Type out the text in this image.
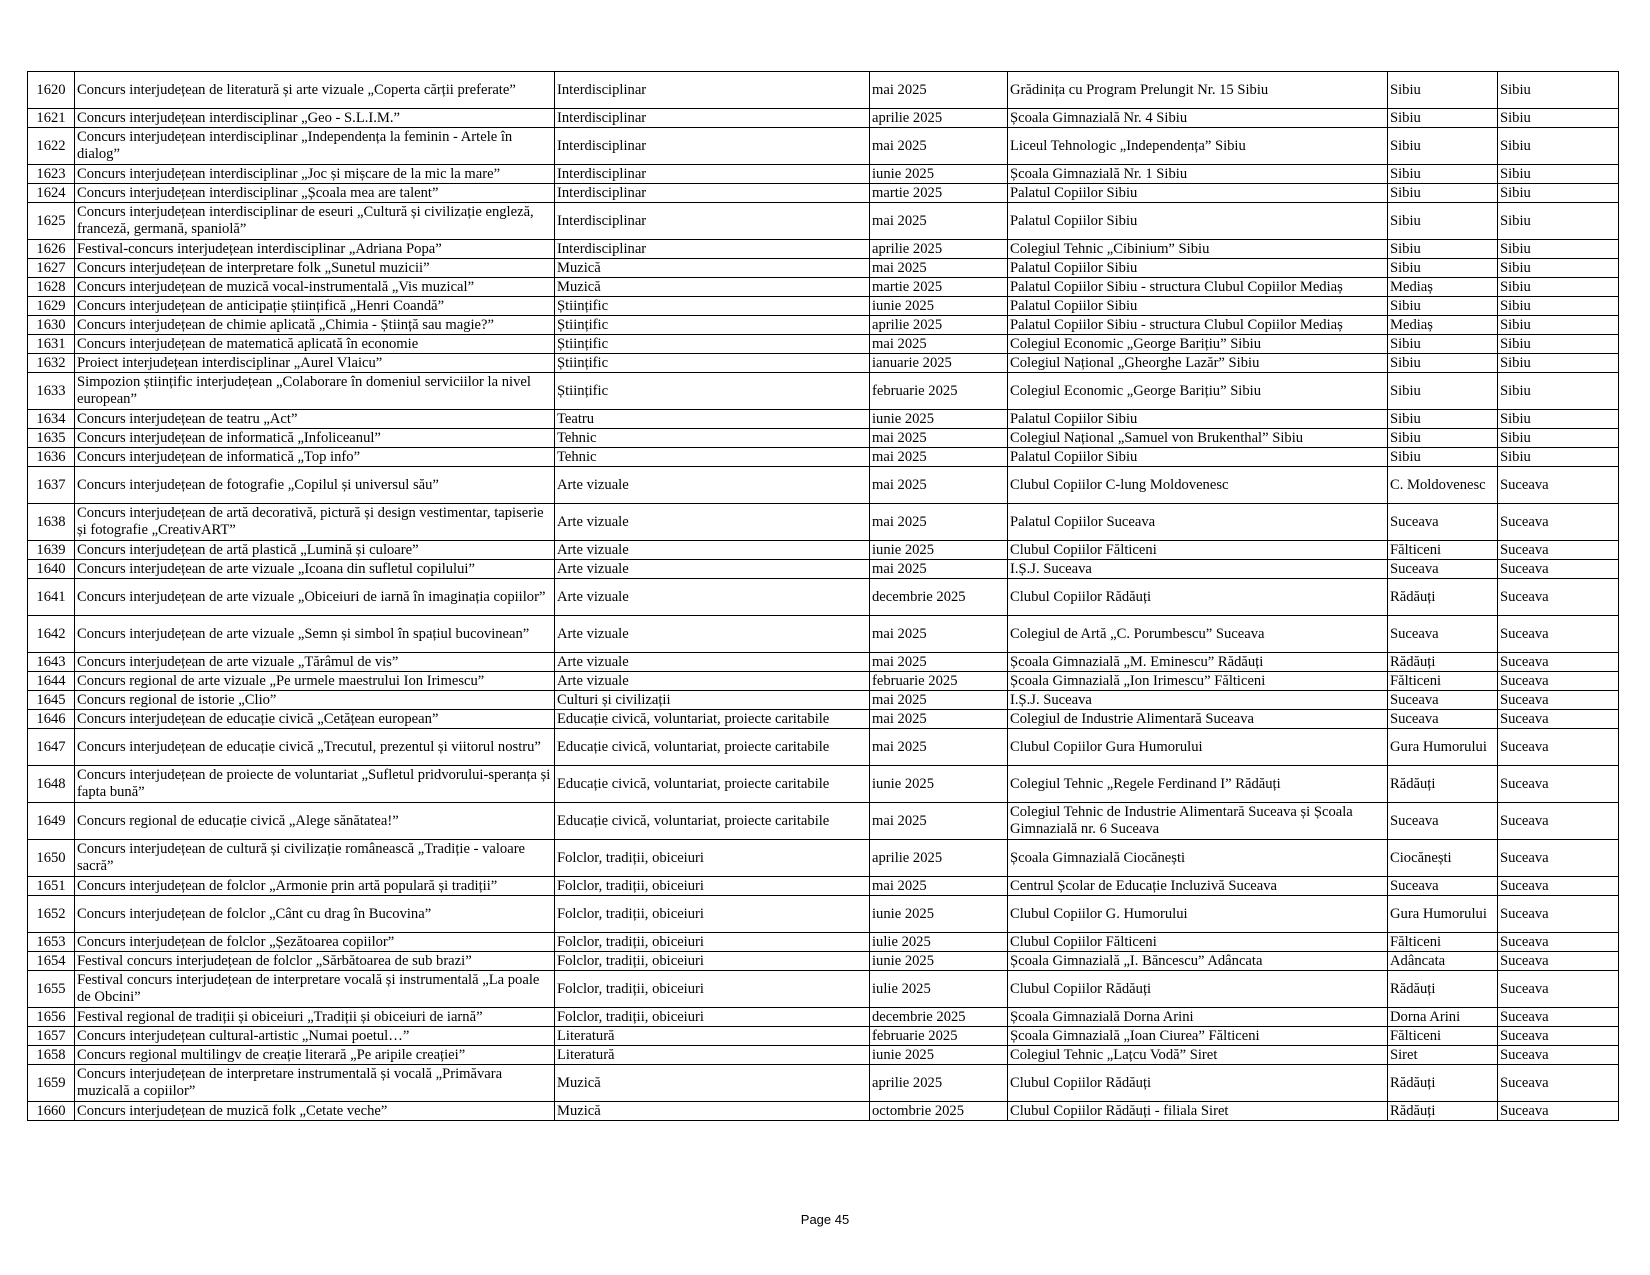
1620	Concurs interjudețean de literatură și arte vizuale „Coperta cărții preferate”	Interdisciplinar	mai 2025	Grădinița cu Program Prelungit Nr. 15 Sibiu	Sibiu	Sibiu
1621	Concurs interjudețean interdisciplinar „Geo - S.L.I.M.”	Interdisciplinar	aprilie 2025	Școala Gimnazială Nr. 4 Sibiu	Sibiu	Sibiu
1622	Concurs interjudețean interdisciplinar „Independența la feminin - Artele în dialog”	Interdisciplinar	mai 2025	Liceul Tehnologic „Independența” Sibiu	Sibiu	Sibiu
1623	Concurs interjudețean interdisciplinar „Joc și mișcare de la mic la mare”	Interdisciplinar	iunie 2025	Școala Gimnazială Nr. 1 Sibiu	Sibiu	Sibiu
1624	Concurs interjudețean interdisciplinar „Școala mea are talent”	Interdisciplinar	martie 2025	Palatul Copiilor Sibiu	Sibiu	Sibiu
1625	Concurs interjudețean interdisciplinar de eseuri „Cultură și civilizație engleză, franceză, germană, spaniolă”	Interdisciplinar	mai 2025	Palatul Copiilor Sibiu	Sibiu	Sibiu
1626	Festival-concurs interjudețean interdisciplinar „Adriana Popa”	Interdisciplinar	aprilie 2025	Colegiul Tehnic „Cibinium” Sibiu	Sibiu	Sibiu
1627	Concurs interjudețean de interpretare folk „Sunetul muzicii”	Muzică	mai 2025	Palatul Copiilor Sibiu	Sibiu	Sibiu
1628	Concurs interjudețean de muzică vocal-instrumentală „Vis muzical”	Muzică	martie 2025	Palatul Copiilor Sibiu - structura Clubul Copiilor Mediaș	Mediaș	Sibiu
1629	Concurs interjudețean de anticipație științifică „Henri Coandă”	Științific	iunie 2025	Palatul Copiilor Sibiu	Sibiu	Sibiu
1630	Concurs interjudețean de chimie aplicată „Chimia - Știință sau magie?”	Științific	aprilie 2025	Palatul Copiilor Sibiu - structura Clubul Copiilor Mediaș	Mediaș	Sibiu
1631	Concurs interjudețean de matematică aplicată în economie	Științific	mai 2025	Colegiul Economic „George Barițiu” Sibiu	Sibiu	Sibiu
1632	Proiect interjudețean interdisciplinar „Aurel Vlaicu”	Științific	ianuarie 2025	Colegiul Național „Gheorghe Lazăr” Sibiu	Sibiu	Sibiu
1633	Simpozion științific interjudețean „Colaborare în domeniul serviciilor la nivel european”	Științific	februarie 2025	Colegiul Economic „George Barițiu” Sibiu	Sibiu	Sibiu
1634	Concurs interjudețean de teatru „Act”	Teatru	iunie 2025	Palatul Copiilor Sibiu	Sibiu	Sibiu
1635	Concurs interjudețean de informatică „Infoliceanul”	Tehnic	mai 2025	Colegiul Național „Samuel von Brukenthal” Sibiu	Sibiu	Sibiu
1636	Concurs interjudețean de informatică „Top info”	Tehnic	mai 2025	Palatul Copiilor Sibiu	Sibiu	Sibiu
1637	Concurs interjudețean de fotografie „Copilul și universul său”	Arte vizuale	mai 2025	Clubul Copiilor C-lung Moldovenesc	C. Moldovenesc	Suceava
1638	Concurs interjudețean de artă decorativă, pictură și design vestimentar, tapiserie și fotografie „CreativART”	Arte vizuale	mai 2025	Palatul Copiilor Suceava	Suceava	Suceava
1639	Concurs interjudețean de artă plastică „Lumină și culoare”	Arte vizuale	iunie 2025	Clubul Copiilor Fălticeni	Fălticeni	Suceava
1640	Concurs interjudețean de arte vizuale „Icoana din sufletul copilului”	Arte vizuale	mai 2025	I.Ș.J. Suceava	Suceava	Suceava
1641	Concurs interjudețean de arte vizuale „Obiceiuri de iarnă în imaginația copiilor”	Arte vizuale	decembrie 2025	Clubul Copiilor Rădăuți	Rădăuți	Suceava
1642	Concurs interjudețean de arte vizuale „Semn și simbol în spațiul bucovinean”	Arte vizuale	mai 2025	Colegiul de Artă „C. Porumbescu” Suceava	Suceava	Suceava
1643	Concurs interjudețean de arte vizuale „Tărâmul de vis”	Arte vizuale	mai 2025	Școala Gimnazială „M. Eminescu” Rădăuți	Rădăuți	Suceava
1644	Concurs regional de arte vizuale „Pe urmele maestrului Ion Irimescu”	Arte vizuale	februarie 2025	Școala Gimnazială „Ion Irimescu” Fălticeni	Fălticeni	Suceava
1645	Concurs regional de istorie „Clio”	Culturi și civilizații	mai 2025	I.Ș.J. Suceava	Suceava	Suceava
1646	Concurs interjudețean de educație civică „Cetățean european”	Educație civică, voluntariat, proiecte caritabile	mai 2025	Colegiul de Industrie Alimentară Suceava	Suceava	Suceava
1647	Concurs interjudețean de educație civică „Trecutul, prezentul și viitorul nostru”	Educație civică, voluntariat, proiecte caritabile	mai 2025	Clubul Copiilor Gura Humorului	Gura Humorului	Suceava
1648	Concurs interjudețean de proiecte de voluntariat „Sufletul pridvorului-speranța și fapta bună”	Educație civică, voluntariat, proiecte caritabile	iunie 2025	Colegiul Tehnic „Regele Ferdinand I” Rădăuți	Rădăuți	Suceava
1649	Concurs regional de educație civică „Alege sănătatea!”	Educație civică, voluntariat, proiecte caritabile	mai 2025	Colegiul Tehnic de Industrie Alimentară Suceava și Școala Gimnazială nr. 6 Suceava	Suceava	Suceava
1650	Concurs interjudețean de cultură și civilizație românească „Tradiție - valoare sacră”	Folclor, tradiții, obiceiuri	aprilie 2025	Școala Gimnazială Ciocănești	Ciocănești	Suceava
1651	Concurs interjudețean de folclor „Armonie prin artă populară și tradiții”	Folclor, tradiții, obiceiuri	mai 2025	Centrul Școlar de Educație Incluzivă Suceava	Suceava	Suceava
1652	Concurs interjudețean de folclor „Cânt cu drag în Bucovina”	Folclor, tradiții, obiceiuri	iunie 2025	Clubul Copiilor G. Humorului	Gura Humorului	Suceava
1653	Concurs interjudețean de folclor „Șezătoarea copiilor”	Folclor, tradiții, obiceiuri	iulie 2025	Clubul Copiilor Fălticeni	Fălticeni	Suceava
1654	Festival concurs interjudețean de folclor „Sărbătoarea de sub brazi”	Folclor, tradiții, obiceiuri	iunie 2025	Școala Gimnazială „I. Băncescu” Adâncata	Adâncata	Suceava
1655	Festival concurs interjudețean de interpretare vocală și instrumentală „La poale de Obcini”	Folclor, tradiții, obiceiuri	iulie 2025	Clubul Copiilor Rădăuți	Rădăuți	Suceava
1656	Festival regional de tradiții și obiceiuri „Tradiții și obiceiuri de iarnă”	Folclor, tradiții, obiceiuri	decembrie 2025	Școala Gimnazială Dorna Arini	Dorna Arini	Suceava
1657	Concurs interjudețean cultural-artistic „Numai poetul…”	Literatură	februarie 2025	Școala Gimnazială „Ioan Ciurea” Fălticeni	Fălticeni	Suceava
1658	Concurs regional multilingv de creație literară „Pe aripile creației”	Literatură	iunie 2025	Colegiul Tehnic „Lațcu Vodă” Siret	Siret	Suceava
1659	Concurs interjudețean de interpretare instrumentală și vocală „Primăvara muzicală a copiilor”	Muzică	aprilie 2025	Clubul Copiilor Rădăuți	Rădăuți	Suceava
1660	Concurs interjudețean de muzică folk „Cetate veche”	Muzică	octombrie 2025	Clubul Copiilor Rădăuți - filiala Siret	Rădăuți	Suceava
Page 45
